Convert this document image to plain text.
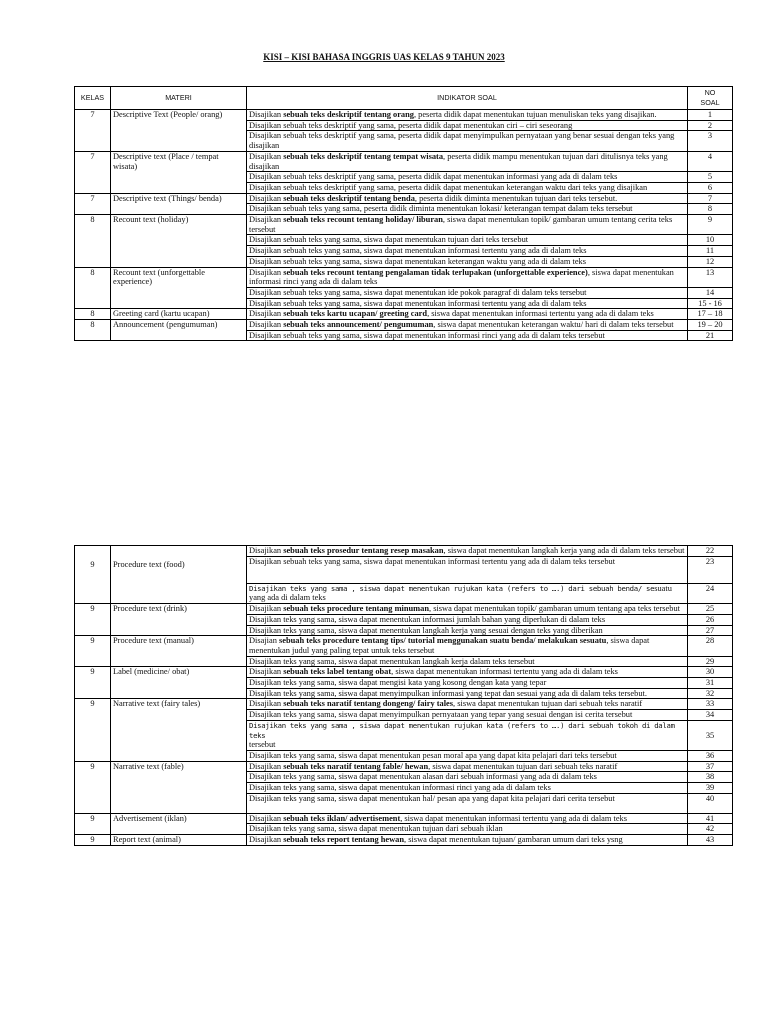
KISI – KISI BAHASA INGGRIS UAS KELAS 9 TAHUN 2023
KELAS	MATERI	INDIKATOR SOAL	NO
SOAL
7	Descriptive Text (People/ orang)	Disajikan sebuah teks deskriptif tentang orang, peserta didik dapat menentukan tujuan menuliskan teks yang disajikan.	1
		Disajikan sebuah teks deskriptif yang sama, peserta didik dapat menentukan ciri – ciri seseorang	2
		Disajikan sebuah teks deskriptif yang sama, peserta didik dapat menyimpulkan pernyataan yang benar sesuai dengan teks yang disajikan	3
7	Descriptive text (Place / tempat wisata)	Disajikan sebuah teks deskriptif tentang tempat wisata, peserta didik mampu menentukan tujuan dari ditulisnya teks yang disajikan	4
		Disajikan sebuah teks deskriptif yang sama, peserta didik dapat menentukan informasi yang ada di dalam teks	5
		Disajikan sebuah teks deskriptif yang sama, peserta didik dapat menentukan keterangan waktu dari teks yang disajikan	6
7	Descriptive text (Things/ benda)	Disajikan sebuah teks deskriptif tentang benda, peserta didik diminta menentukan tujuan dari teks tersebut.	7
		Disajikan sebuah teks yang sama, peserta didik diminta menentukan lokasi/ keterangan tempat dalam teks tersebut	8
8	Recount text (holiday)	Disajikan sebuah teks recount tentang holiday/ liburan, siswa dapat menentukan topik/ gambaran umum tentang cerita teks tersebut	9
		Disajikan sebuah teks yang sama, siswa dapat menentukan tujuan dari teks tersebut	10
		Disajikan sebuah teks yang sama, siswa dapat menentukan informasi tertentu yang ada di dalam teks	11
		Disajikan sebuah teks yang sama, siswa dapat menentukan keterangan waktu yang ada di dalam teks	12
8	Recount text (unforgettable experience)	Disajikan sebuah teks recount tentang pengalaman tidak terlupakan (unforgettable experience), siswa dapat menentukan informasi rinci yang ada di dalam teks	13
		Disajikan sebuah teks yang sama, siswa dapat menentukan ide pokok paragraf di dalam teks tersebut	14
		Disajikan sebuah teks yang sama, siswa dapat menentukan informasi tertentu yang ada di dalam teks	15 - 16
8	Greeting card (kartu ucapan)	Disajikan sebuah teks kartu ucapan/ greeting card, siswa dapat menentukan informasi tertentu yang ada di dalam teks	17 – 18
8	Announcement (pengumuman)	Disajikan sebuah teks announcement/ pengumuman, siswa dapat menentukan keterangan waktu/ hari di dalam teks tersebut	19 – 20
		Disajikan sebuah teks yang sama, siswa dapat menentukan informasi rinci yang ada di dalam teks tersebut	21
9	Procedure text (food)	Disajikan sebuah teks prosedur tentang resep masakan, siswa dapat menentukan langkah kerja yang ada di dalam teks tersebut	22
		Disajikan sebuah teks yang sama, siswa dapat menentukan informasi tertentu yang ada di dalam teks tersebut	23
		Disajikan teks yang sama , siswa dapat menentukan rujukan kata (refers to ….) dari sebuah benda/ sesuatu yang ada di dalam teks	24
9	Procedure text (drink)	Disajikan sebuah teks procedure tentang minuman, siswa dapat menentukan topik/ gambaran umum tentang apa teks tersebut	25
		Disajikan teks yang sama, siswa dapat menentukan informasi jumlah bahan yang diperlukan di dalam teks	26
		Disajikan teks yang sama, siswa dapat menentukan langkah kerja yang sesuai dengan teks yang diberikan	27
9	Procedure text (manual)	Disajian sebuah teks procedure tentang tips/ tutorial menggunakan suatu benda/ melakukan sesuatu, siswa dapat menentukan judul yang paling tepat untuk teks tersebut	28
		Disajikan teks yang sama, siswa dapat menentukan langkah kerja dalam teks tersebut	29
9	Label (medicine/ obat)	Disajikan sebuah teks label tentang obat, siswa dapat menentukan informasi tertentu yang ada di dalam teks	30
		Disajikan teks yang sama, siswa dapat mengisi kata yang kosong dengan kata yang tepar	31
		Disajikan teks yang sama, siswa dapat menyimpulkan informasi yang tepat dan sesuai yang ada di dalam teks tersebut.	32
9	Narrative text (fairy tales)	Disajikan sebuah teks naratif tentang dongeng/ fairy tales, siswa dapat menentukan tujuan dari sebuah teks naratif	33
		Disajikan teks yang sama, siswa dapat menyimpulkan pernyataan yang tepar yang sesuai dengan isi cerita tersebut	34
		Disajikan teks yang sama , siswa dapat menentukan rujukan kata (refers to ….) dari sebuah tokoh di dalam teks
tersebut	35
		Disajikan teks yang sama, siswa dapat menentukan pesan moral apa yang dapat kita pelajari dari teks tersebut	36
9	Narrative text (fable)	Disajikan sebuah teks naratif tentang fable/ hewan, siswa dapat menentukan tujuan dari sebuah teks naratif	37
		Disajikan teks yang sama, siswa dapat menentukan alasan dari sebuah informasi yang ada di dalam teks	38
		Disajikan teks yang sama, siswa dapat menentukan informasi rinci yang ada di dalam teks	39
		Disajikan teks yang sama, siswa dapat menentukan hal/ pesan apa yang dapat kita pelajari dari cerita tersebut	40
9	Advertisement (iklan)	Disajikan sebuah teks iklan/ advertisement, siswa dapat menentukan informasi tertentu yang ada di dalam teks	41
		Disajikan teks yang sama, siswa dapat menentukan tujuan dari sebuah iklan	42
9	Report text (animal)	Disajikan sebuah teks report tentang hewan, siswa dapat menentukan tujuan/ gambaran umum dari teks ysng	43
